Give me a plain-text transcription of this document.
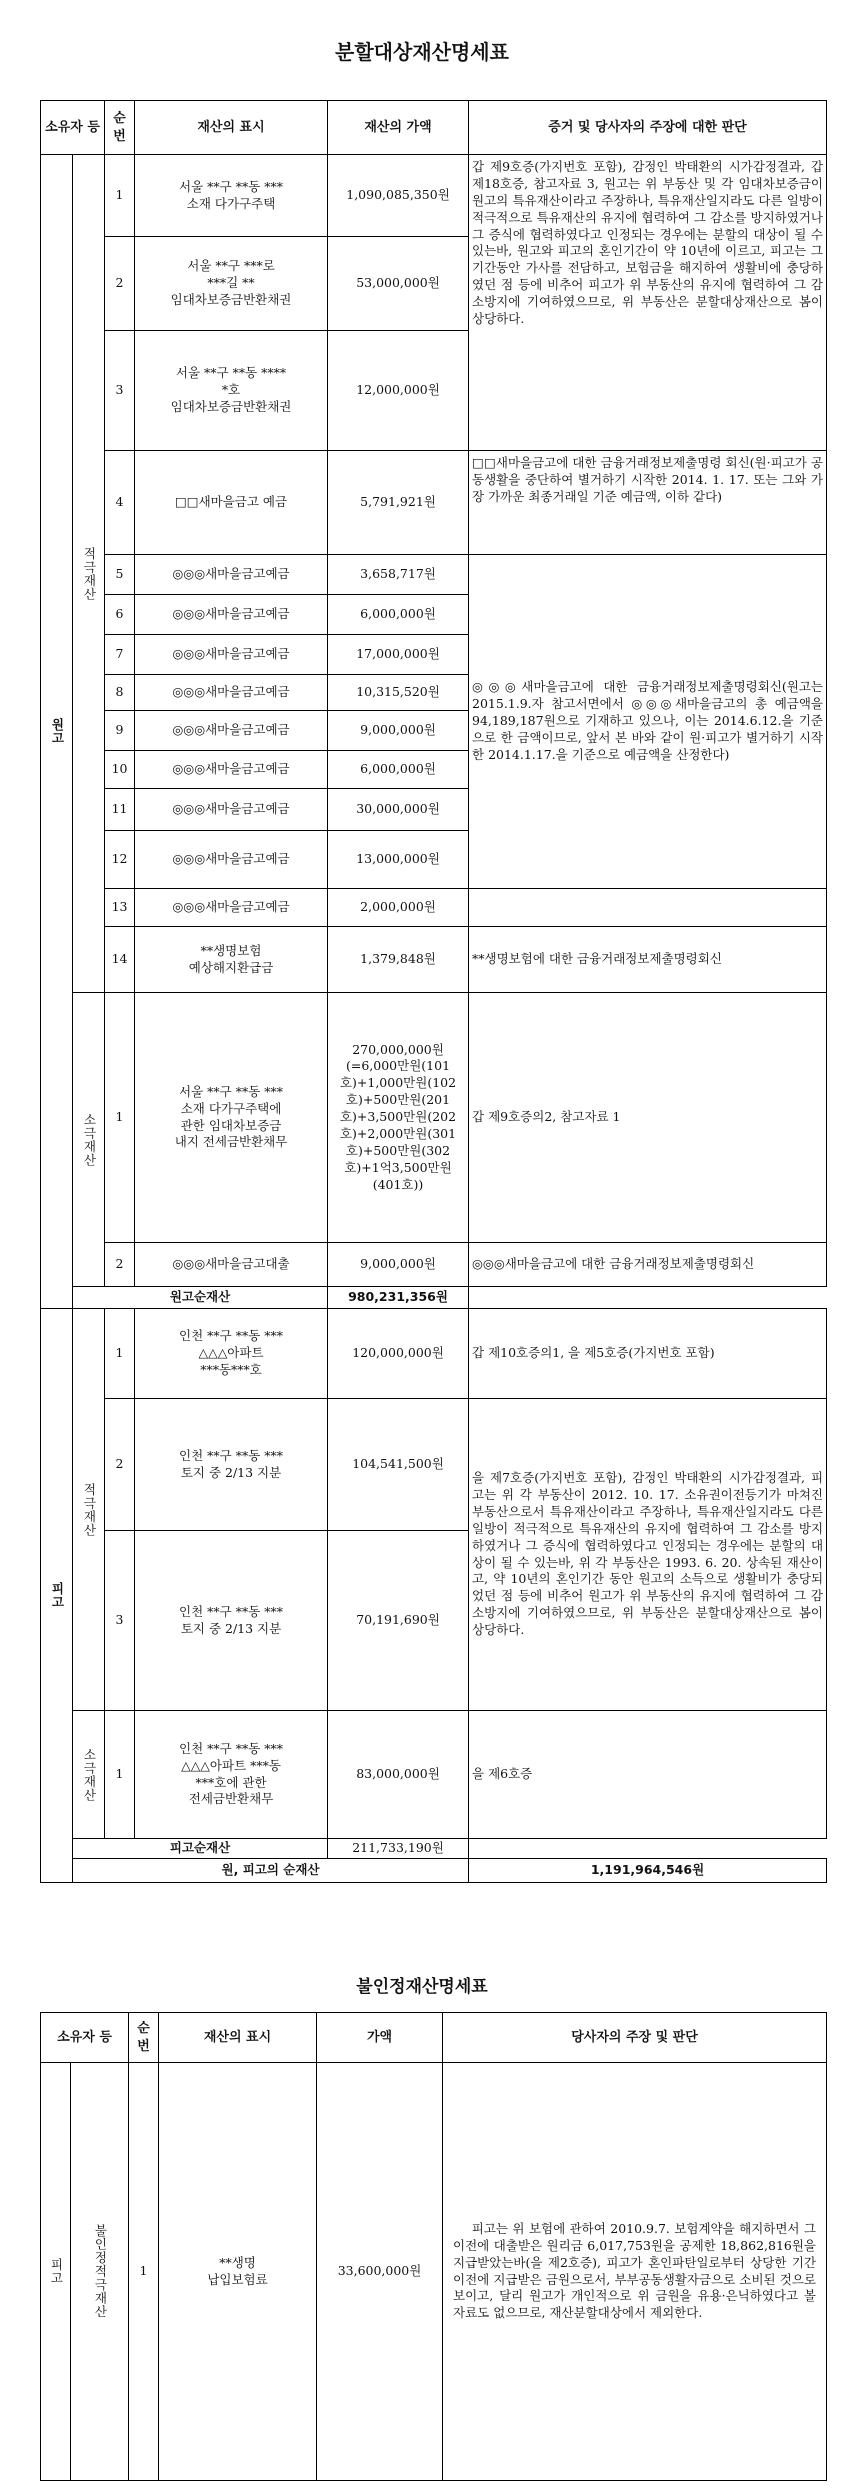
분할대상재산명세표
소유자 등		순번	재산의 표시	재산의 가액	증거 및 당사자의 주장에 대한 판단
원고	적극재산	1	서울 **구 **동 ***
소재 다가구주택	1,090,085,350원	갑 제9호증(가지번호 포함), 감정인 박태환의 시가감정결과, 갑 제18호증, 참고자료 3, 원고는 위 부동산 및 각 임대차보증금이 원고의 특유재산이라고 주장하나, 특유재산일지라도 다른 일방이 적극적으로 특유재산의 유지에 협력하여 그 감소를 방지하였거나 그 증식에 협력하였다고 인정되는 경우에는 분할의 대상이 될 수 있는바, 원고와 피고의 혼인기간이 약 10년에 이르고, 피고는 그 기간동안 가사를 전담하고, 보험금을 해지하여 생활비에 충당하였던 점 등에 비추어 피고가 위 부동산의 유지에 협력하여 그 감소방지에 기여하였으므로, 위 부동산은 분할대상재산으로 봄이 상당하다.
		2	서울 **구 ***로
***길 **
임대차보증금반환채권	53,000,000원	
		3	서울 **구 **동 ****
*호
임대차보증금반환채권	12,000,000원	
		4	□□새마을금고 예금	5,791,921원	□□새마을금고에 대한 금융거래정보제출명령 회신(원·피고가 공동생활을 중단하여 별거하기 시작한 2014. 1. 17. 또는 그와 가장 가까운 최종거래일 기준 예금액, 이하 같다)
		5	◎◎◎새마을금고예금	3,658,717원	◎◎◎새마을금고에 대한 금융거래정보제출명령회신(원고는 2015.1.9.자 참고서면에서 ◎◎◎새마을금고의 총 예금액을 94,189,187원으로 기재하고 있으나, 이는 2014.6.12.을 기준으로 한 금액이므로, 앞서 본 바와 같이 원·피고가 별거하기 시작한 2014.1.17.을 기준으로 예금액을 산정한다)
		6	◎◎◎새마을금고예금	6,000,000원	
		7	◎◎◎새마을금고예금	17,000,000원	
		8	◎◎◎새마을금고예금	10,315,520원	
		9	◎◎◎새마을금고예금	9,000,000원	
		10	◎◎◎새마을금고예금	6,000,000원	
		11	◎◎◎새마을금고예금	30,000,000원	
		12	◎◎◎새마을금고예금	13,000,000원	
		13	◎◎◎새마을금고예금	2,000,000원	
		14	**생명보험
예상해지환급금	1,379,848원	**생명보험에 대한 금융거래정보제출명령회신
	소극재산	1	서울 **구 **동 ***
소재 다가구주택에
관한 임대차보증금
내지 전세금반환채무	270,000,000원(=6,000만원(101호)+1,000만원(102호)+500만원(201호)+3,500만원(202호)+2,000만원(301호)+500만원(302호)+1억3,500만원(401호))	갑 제9호증의2, 참고자료 1
		2	◎◎◎새마을금고대출	9,000,000원	◎◎◎새마을금고에 대한 금융거래정보제출명령회신
	원고순재산			980,231,356원	
피고	적극재산	1	인천 **구 **동 ***
△△△아파트
***동***호	120,000,000원	갑 제10호증의1, 을 제5호증(가지번호 포함)
		2	인천 **구 **동 ***
토지 중 2/13 지분	104,541,500원	을 제7호증(가지번호 포함), 감정인 박태환의 시가감정결과, 피고는 위 각 부동산이 2012. 10. 17. 소유권이전등기가 마쳐진 부동산으로서 특유재산이라고 주장하나, 특유재산일지라도 다른 일방이 적극적으로 특유재산의 유지에 협력하여 그 감소를 방지하였거나 그 증식에 협력하였다고 인정되는 경우에는 분할의 대상이 될 수 있는바, 위 각 부동산은 1993. 6. 20. 상속된 재산이고, 약 10년의 혼인기간 동안 원고의 소득으로 생활비가 충당되었던 점 등에 비추어 원고가 위 부동산의 유지에 협력하여 그 감소방지에 기여하였으므로, 위 부동산은 분할대상재산으로 봄이 상당하다.
		3	인천 **구 **동 ***
토지 중 2/13 지분	70,191,690원	
	소극재산	1	인천 **구 **동 ***
△△△아파트 ***동
***호에 관한
전세금반환채무	83,000,000원	을 제6호증
	피고순재산			211,733,190원	
	원, 피고의 순재산				1,191,964,546원
불인정재산명세표
소유자 등		순번	재산의 표시	가액	당사자의 주장 및 판단
피고	불인정적극재산	1	**생명
납입보험료	33,600,000원	피고는 위 보험에 관하여 2010.9.7. 보험계약을 해지하면서 그 이전에 대출받은 원리금 6,017,753원을 공제한 18,862,816원을 지급받았는바(을 제2호증), 피고가 혼인파탄일로부터 상당한 기간 이전에 지급받은 금원으로서, 부부공동생활자금으로 소비된 것으로 보이고, 달리 원고가 개인적으로 위 금원을 유용·은닉하였다고 볼 자료도 없으므로, 재산분할대상에서 제외한다.
